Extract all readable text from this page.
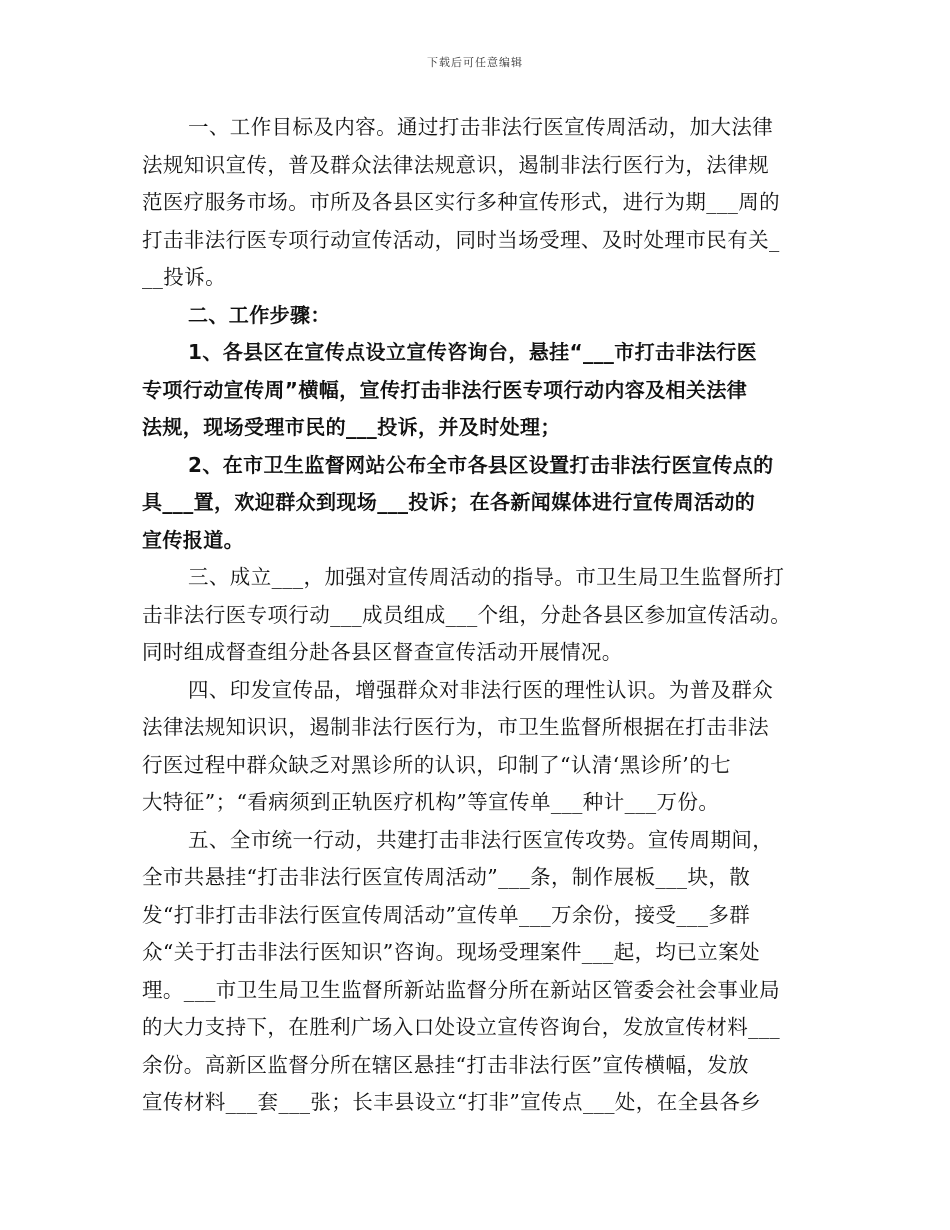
下载后可任意编辑
一、工作目标及内容。通过打击非法行医宣传周活动，加大法律
法规知识宣传，普及群众法律法规意识，遏制非法行医行为，法律规
范医疗服务市场。市所及各县区实行多种宣传形式，进行为期___周的
打击非法行医专项行动宣传活动，同时当场受理、及时处理市民有关_
__投诉。
二、工作步骤：
1、各县区在宣传点设立宣传咨询台，悬挂“___市打击非法行医
专项行动宣传周”横幅，宣传打击非法行医专项行动内容及相关法律
法规，现场受理市民的___投诉，并及时处理；
2、在市卫生监督网站公布全市各县区设置打击非法行医宣传点的
具___置，欢迎群众到现场___投诉；在各新闻媒体进行宣传周活动的
宣传报道。
三、成立___，加强对宣传周活动的指导。市卫生局卫生监督所打
击非法行医专项行动___成员组成___个组，分赴各县区参加宣传活动。
同时组成督查组分赴各县区督查宣传活动开展情况。
四、印发宣传品，增强群众对非法行医的理性认识。为普及群众
法律法规知识识，遏制非法行医行为，市卫生监督所根据在打击非法
行医过程中群众缺乏对黑诊所的认识，印制了“认清‘黑诊所’的七
大特征”；“看病须到正轨医疗机构”等宣传单___种计___万份。
五、全市统一行动，共建打击非法行医宣传攻势。宣传周期间，
全市共悬挂“打击非法行医宣传周活动”___条，制作展板___块，散
发“打非打击非法行医宣传周活动”宣传单___万余份，接受___多群
众“关于打击非法行医知识”咨询。现场受理案件___起，均已立案处
理。___市卫生局卫生监督所新站监督分所在新站区管委会社会事业局
的大力支持下，在胜利广场入口处设立宣传咨询台，发放宣传材料___
余份。高新区监督分所在辖区悬挂“打击非法行医”宣传横幅，发放
宣传材料___套___张；长丰县设立“打非”宣传点___处，在全县各乡
